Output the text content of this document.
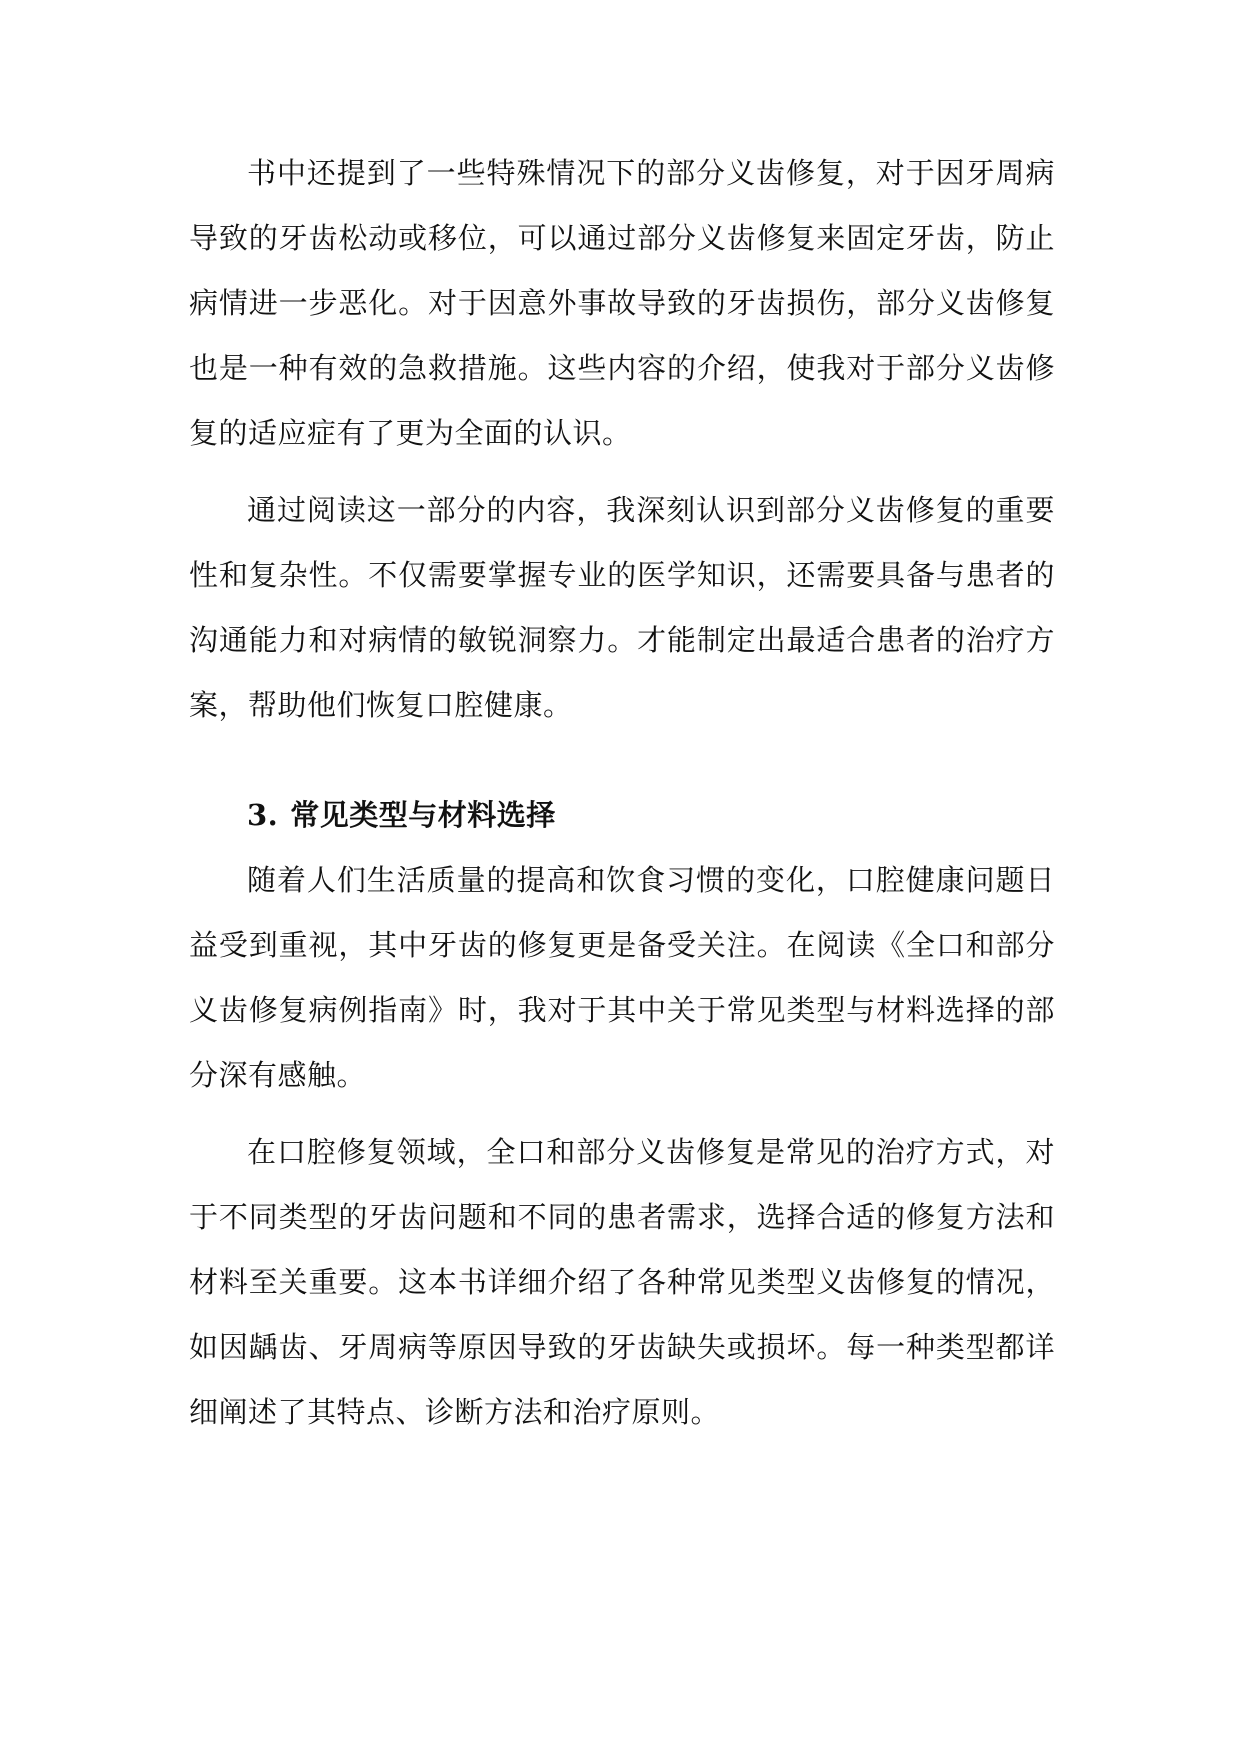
书中还提到了一些特殊情况下的部分义齿修复，对于因牙周病导致的牙齿松动或移位，可以通过部分义齿修复来固定牙齿，防止病情进一步恶化。对于因意外事故导致的牙齿损伤，部分义齿修复也是一种有效的急救措施。这些内容的介绍，使我对于部分义齿修复的适应症有了更为全面的认识。

通过阅读这一部分的内容，我深刻认识到部分义齿修复的重要性和复杂性。不仅需要掌握专业的医学知识，还需要具备与患者的沟通能力和对病情的敏锐洞察力。才能制定出最适合患者的治疗方案，帮助他们恢复口腔健康。

3. 常见类型与材料选择

随着人们生活质量的提高和饮食习惯的变化，口腔健康问题日益受到重视，其中牙齿的修复更是备受关注。在阅读《全口和部分义齿修复病例指南》时，我对于其中关于常见类型与材料选择的部分深有感触。

在口腔修复领域，全口和部分义齿修复是常见的治疗方式，对于不同类型的牙齿问题和不同的患者需求，选择合适的修复方法和材料至关重要。这本书详细介绍了各种常见类型义齿修复的情况，如因龋齿、牙周病等原因导致的牙齿缺失或损坏。每一种类型都详细阐述了其特点、诊断方法和治疗原则。
